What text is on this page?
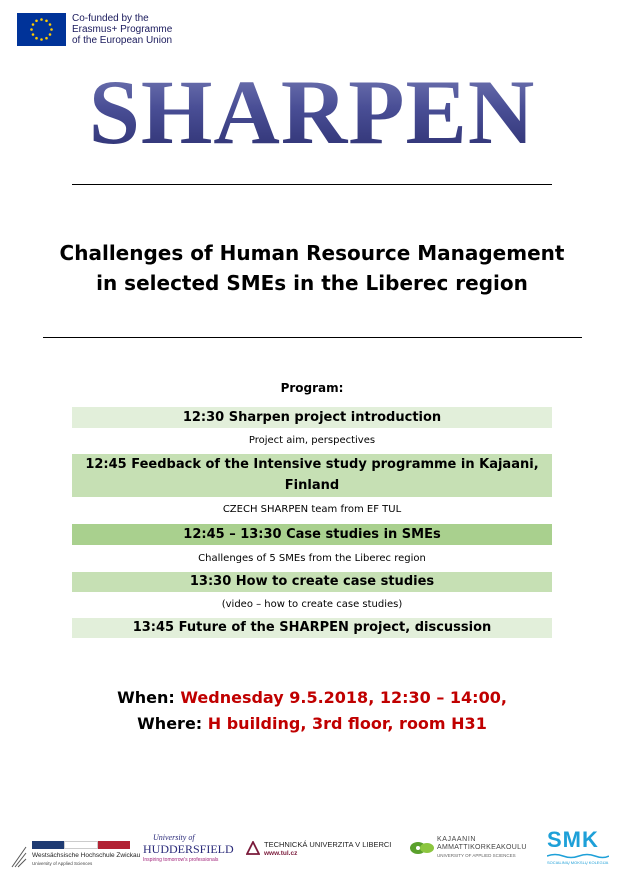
Co-funded by the
Erasmus+ Programme
of the European Union
SHARPEN
Challenges of Human Resource Management
in selected SMEs in the Liberec region
Program:
12:30 Sharpen project introduction
Project aim, perspectives
12:45 Feedback of the Intensive study programme in Kajaani,
Finland
CZECH SHARPEN team from EF TUL
12:45 – 13:30 Case studies in SMEs
Challenges of 5 SMEs from the Liberec region
13:30 How to create case studies
(video – how to create case studies)
13:45 Future of the SHARPEN project, discussion
When: Wednesday 9.5.2018, 12:30 – 14:00,
Where: H building, 3rd floor, room H31
Westsächsische Hochschule Zwickau
University of Applied Sciences
University of
HUDDERSFIELD
Inspiring tomorrow's professionals
TECHNICKÁ UNIVERZITA V LIBERCI
www.tul.cz
KAJAANIN
AMMATTIKORKEAKOULU
UNIVERSITY OF APPLIED SCIENCES
SMK
SOCIALINIŲ MOKSLŲ KOLEGIJA
